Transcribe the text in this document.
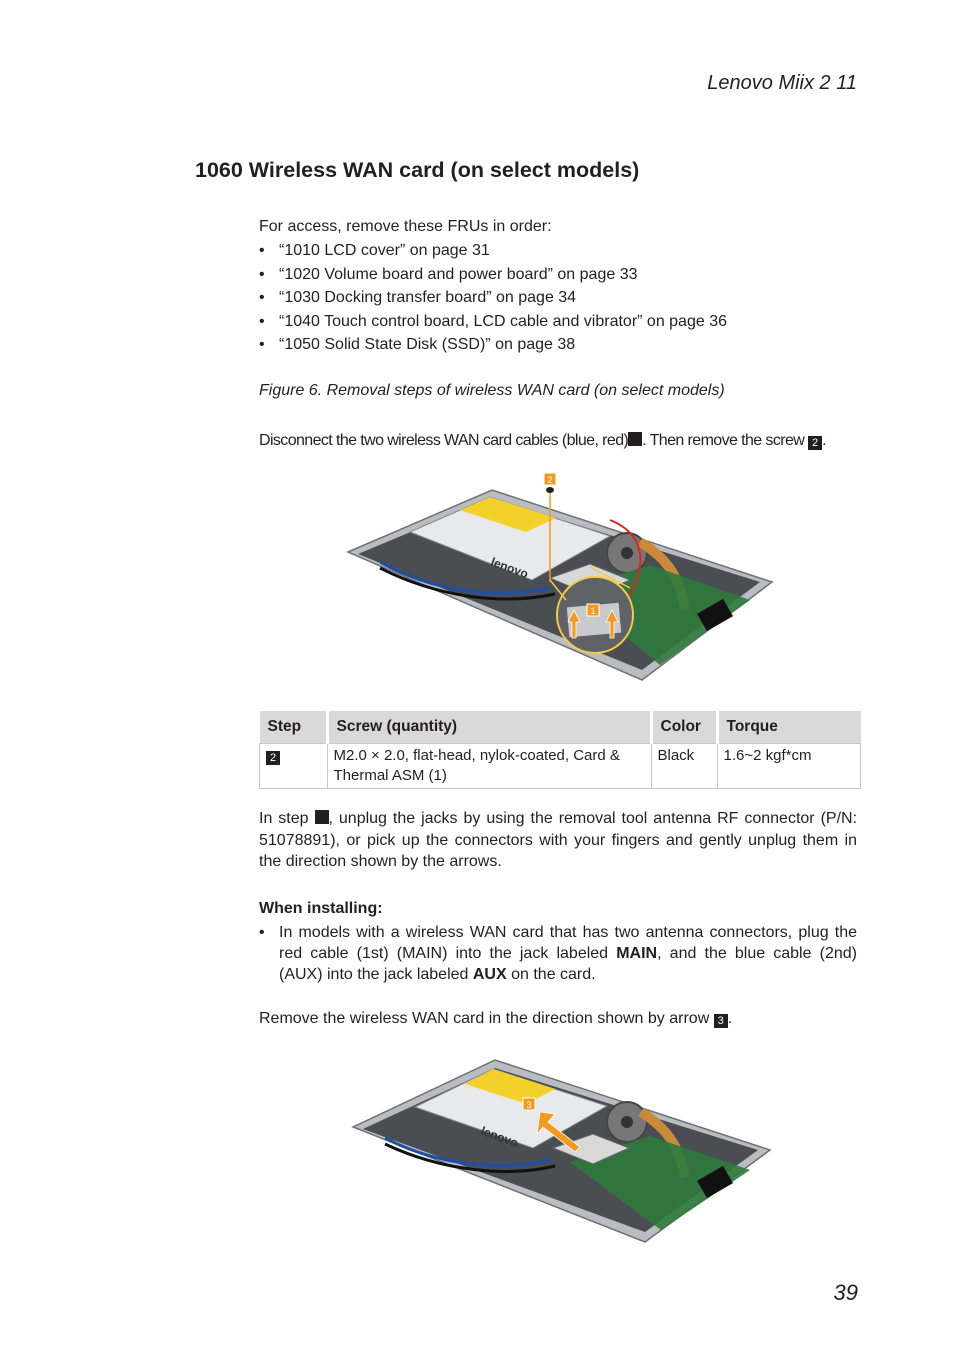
Lenovo Miix 2 11
1060 Wireless WAN card (on select models)
For access, remove these FRUs in order:
• “1010 LCD cover” on page 31
• “1020 Volume board and power board” on page 33
• “1030 Docking transfer board” on page 34
• “1040 Touch control board, LCD cable and vibrator” on page 36
• “1050 Solid State Disk (SSD)” on page 38
Figure 6. Removal steps of wireless WAN card (on select models)
Disconnect the two wireless WAN card cables (blue, red) . Then remove the screw 2 .
lenovo
2
1
Step	Screw (quantity)	Color	Torque
2	M2.0 × 2.0, flat-head, nylok-coated, Card & Thermal ASM (1)	Black	1.6~2 kgf*cm
In step , unplug the jacks by using the removal tool antenna RF connector (P/N: 51078891), or pick up the connectors with your fingers and gently unplug them in the direction shown by the arrows.
When installing:
• In models with a wireless WAN card that has two antenna connectors, plug the red cable (1st) (MAIN) into the jack labeled MAIN, and the blue cable (2nd) (AUX) into the jack labeled AUX on the card.
Remove the wireless WAN card in the direction shown by arrow 3 .
lenovo
3
39
